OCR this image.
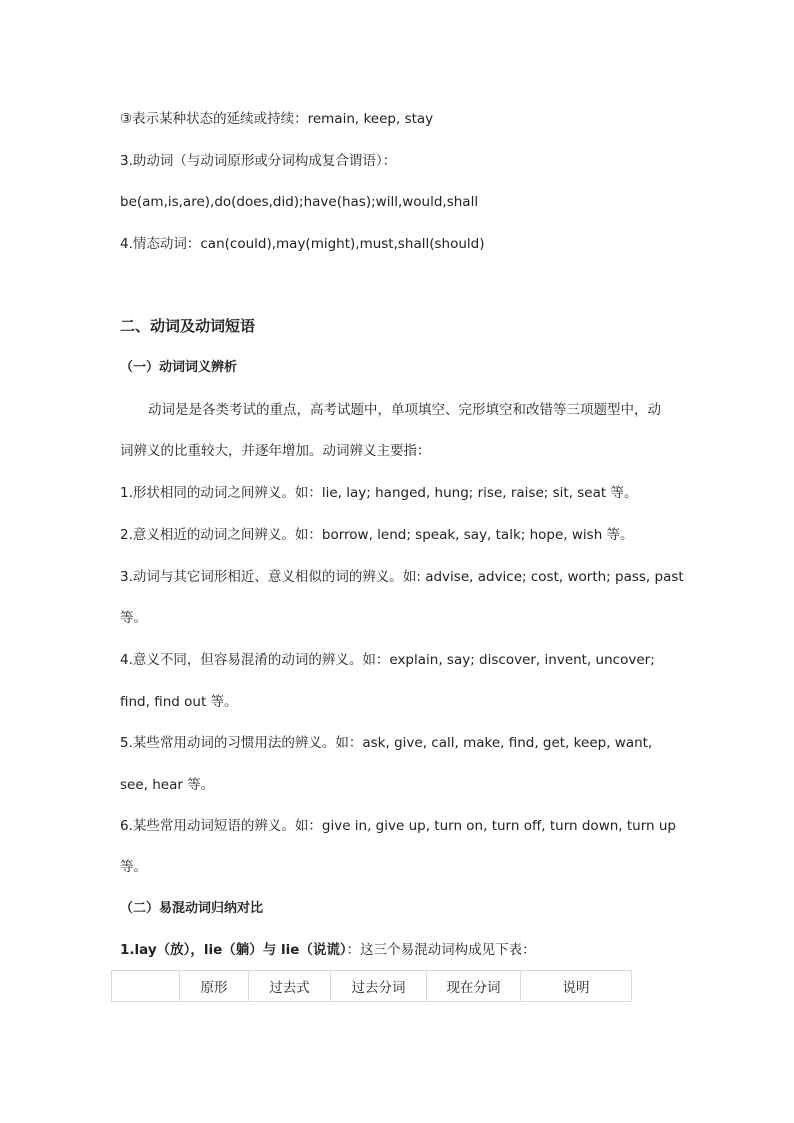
③表示某种状态的延续或持续：remain, keep, stay
3.助动词（与动词原形或分词构成复合谓语）：
be(am,is,are),do(does,did);have(has);will,would,shall
4.情态动词：can(could),may(might),must,shall(should)
二、动词及动词短语
（一）动词词义辨析
动词是是各类考试的重点，高考试题中，单项填空、完形填空和改错等三项题型中，动
词辨义的比重较大，并逐年增加。动词辨义主要指：
1.形状相同的动词之间辨义。如：lie, lay; hanged, hung; rise, raise; sit, seat 等。
2.意义相近的动词之间辨义。如：borrow, lend; speak, say, talk; hope, wish 等。
3.动词与其它词形相近、意义相似的词的辨义。如: advise, advice; cost, worth; pass, past
等。
4.意义不同，但容易混淆的动词的辨义。如：explain, say; discover, invent, uncover;
find, find out 等。
5.某些常用动词的习惯用法的辨义。如：ask, give, call, make, find, get, keep, want,
see, hear 等。
6.某些常用动词短语的辨义。如：give in, give up, turn on, turn off, turn down, turn up
等。
（二）易混动词归纳对比
1.lay（放），lie（躺）与 lie（说谎）：这三个易混动词构成见下表：
	原形	过去式	过去分词	现在分词	说明
